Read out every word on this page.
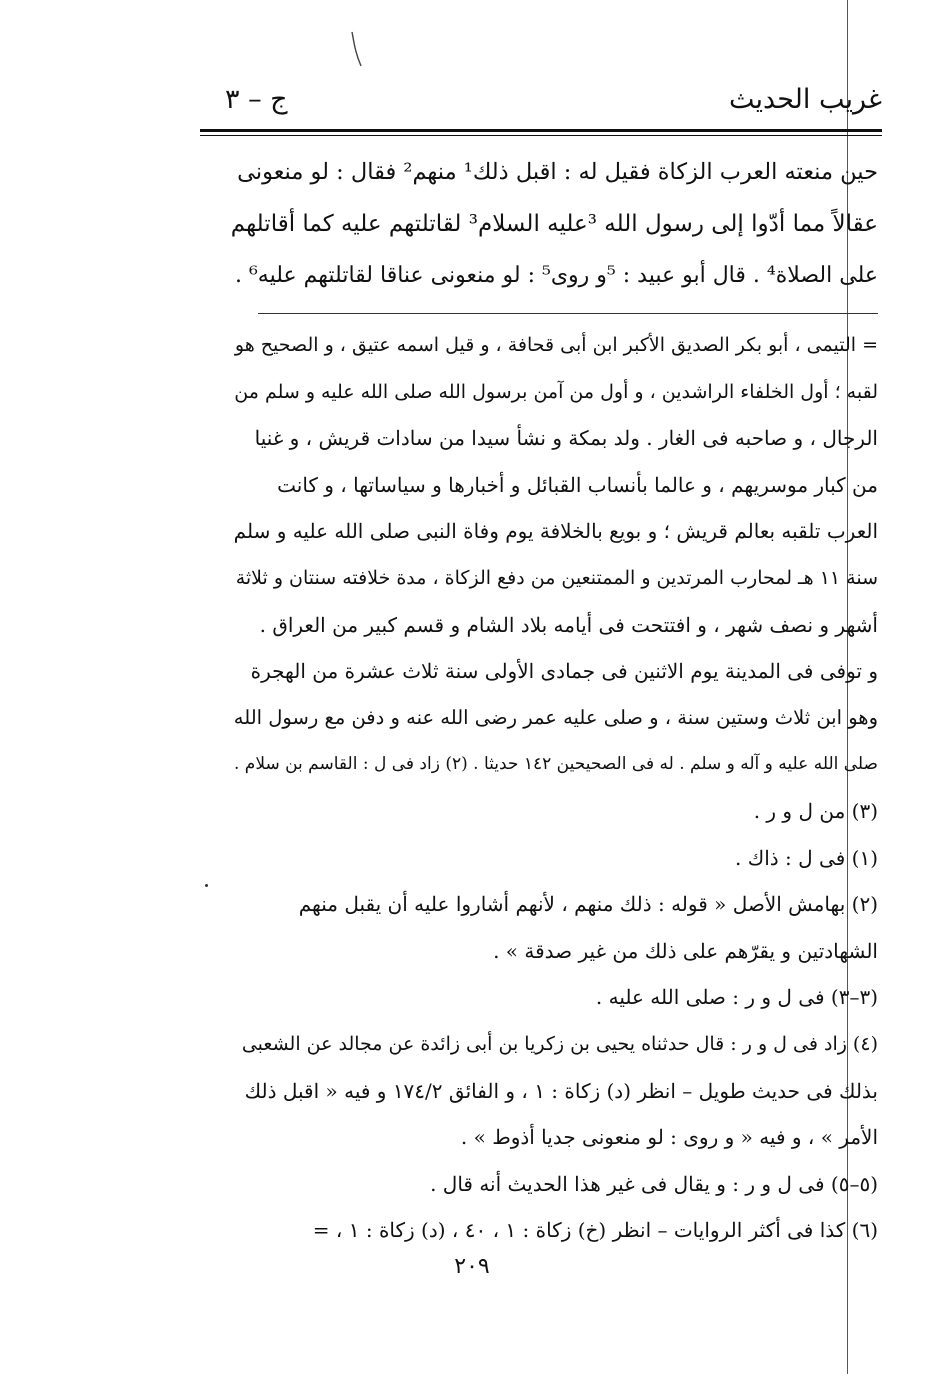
غريب الحديث
ج – ٣

حين منعته العرب الزكاة فقيل له : اقبل ذلك¹ منهم² فقال : لو منعونى

عقالاً مما أدّوا إلى رسول الله ³عليه السلام³ لقاتلتهم عليه كما أقاتلهم

على الصلاة⁴ . قال أبو عبيد : ⁵و روى⁵ : لو منعونى عناقا لقاتلتهم عليه⁶ .

= التيمى ، أبو بكر الصديق الأكبر ابن أبى قحافة ، و قيل اسمه عتيق ، و الصحيح هو

لقبه ؛ أول الخلفاء الراشدين ، و أول من آمن برسول الله صلى الله عليه و سلم من

الرجال ، و صاحبه فى الغار . ولد بمكة و نشأ سيدا من سادات قريش ، و غنيا

من كبار موسريهم ، و عالما بأنساب القبائل و أخبارها و سياساتها ، و كانت

العرب تلقبه بعالم قريش ؛ و بويع بالخلافة يوم وفاة النبى صلى الله عليه و سلم

سنة ١١ هـ لمحارب المرتدين و الممتنعين من دفع الزكاة ، مدة خلافته سنتان و ثلاثة

أشهر و نصف شهر ، و افتتحت فى أيامه بلاد الشام و قسم كبير من العراق .

و توفى فى المدينة يوم الاثنين فى جمادى الأولى سنة ثلاث عشرة من الهجرة

وهو ابن ثلاث وستين سنة ، و صلى عليه عمر رضى الله عنه و دفن مع رسول الله

صلى الله عليه و آله و سلم . له فى الصحيحين ١٤٢ حديثا . (٢) زاد فى ل : القاسم بن سلام .

(٣) من ل و ر .

(١) فى ل : ذاك .

(٢) بهامش الأصل « قوله : ذلك منهم ، لأنهم أشاروا عليه أن يقبل منهم

الشهادتين و يقرّهم على ذلك من غير صدقة » .

(٣–٣) فى ل و ر : صلى الله عليه .

(٤) زاد فى ل و ر : قال حدثناه يحيى بن زكريا بن أبى زائدة عن مجالد عن الشعبى

بذلك فى حديث طويل – انظر (د) زكاة : ١ ، و الفائق ١٧٤/٢ و فيه « اقبل ذلك

الأمر » ، و فيه « و روى : لو منعونى جديا أذوط » .

(٥–٥) فى ل و ر : و يقال فى غير هذا الحديث أنه قال .

(٦) كذا فى أكثر الروايات – انظر (خ) زكاة : ١ ، ٤٠ ، (د) زكاة : ١ ، =

٢٠٩
